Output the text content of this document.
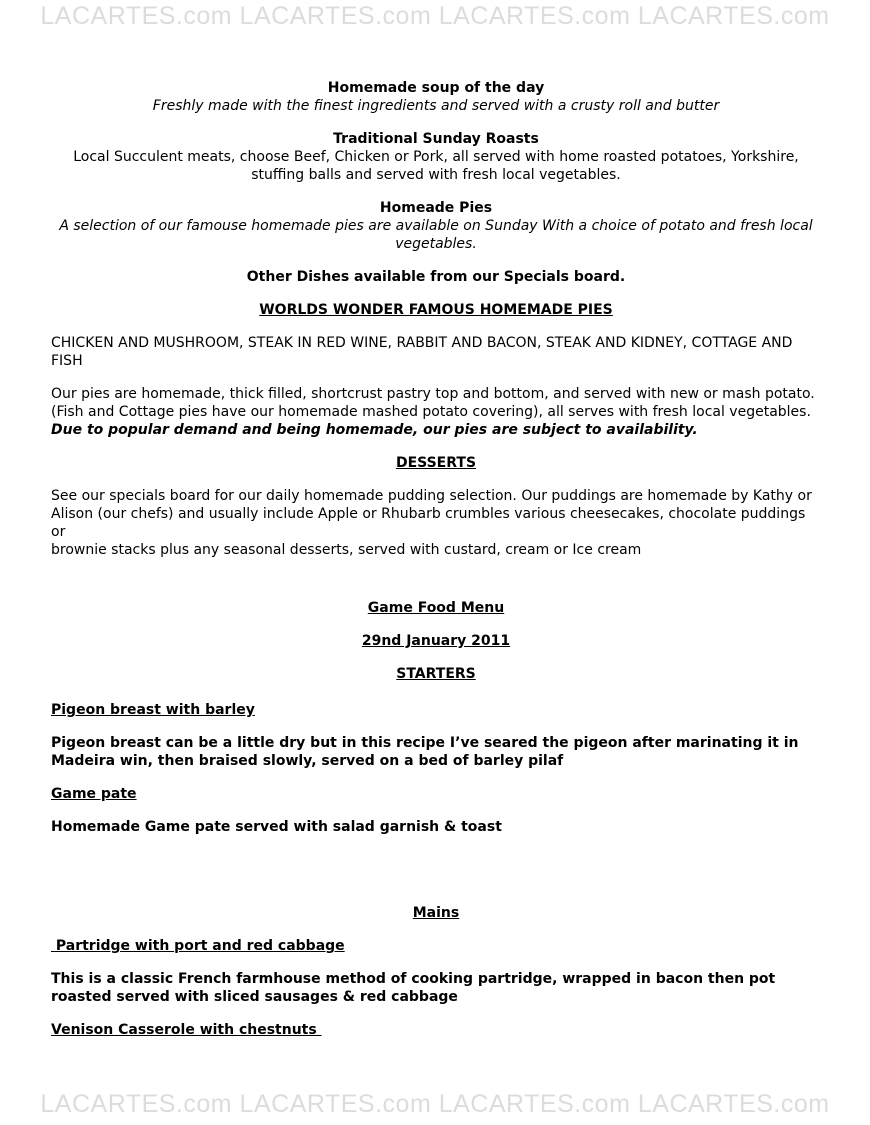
LACARTES.com LACARTES.com LACARTES.com LACARTES.com

Homemade soup of the day

Freshly made with the finest ingredients and served with a crusty roll and butter

Traditional Sunday Roasts

Local Succulent meats, choose Beef, Chicken or Pork, all served with home roasted potatoes, Yorkshire,

stuffing balls and served with fresh local vegetables.

Homeade Pies

A selection of our famouse homemade pies are available on Sunday With a choice of potato and fresh local

vegetables.

Other Dishes available from our Specials board.

WORLDS WONDER FAMOUS HOMEMADE PIES

CHICKEN AND MUSHROOM, STEAK IN RED WINE, RABBIT AND BACON, STEAK AND KIDNEY, COTTAGE AND

FISH

Our pies are homemade, thick filled, shortcrust pastry top and bottom, and served with new or mash potato.

(Fish and Cottage pies have our homemade mashed potato covering), all serves with fresh local vegetables.

Due to popular demand and being homemade, our pies are subject to availability.

DESSERTS

See our specials board for our daily homemade pudding selection. Our puddings are homemade by Kathy or

Alison (our chefs) and usually include Apple or Rhubarb crumbles various cheesecakes, chocolate puddings or

brownie stacks plus any seasonal desserts, served with custard, cream or Ice cream

Game Food Menu

29nd January 2011

STARTERS

Pigeon breast with barley

Pigeon breast can be a little dry but in this recipe I’ve seared the pigeon after marinating it in

Madeira win, then braised slowly, served on a bed of barley pilaf

Game pate

Homemade Game pate served with salad garnish & toast

Mains

Partridge with port and red cabbage

This is a classic French farmhouse method of cooking partridge, wrapped in bacon then pot

roasted served with sliced sausages & red cabbage

Venison Casserole with chestnuts

LACARTES.com LACARTES.com LACARTES.com LACARTES.com
